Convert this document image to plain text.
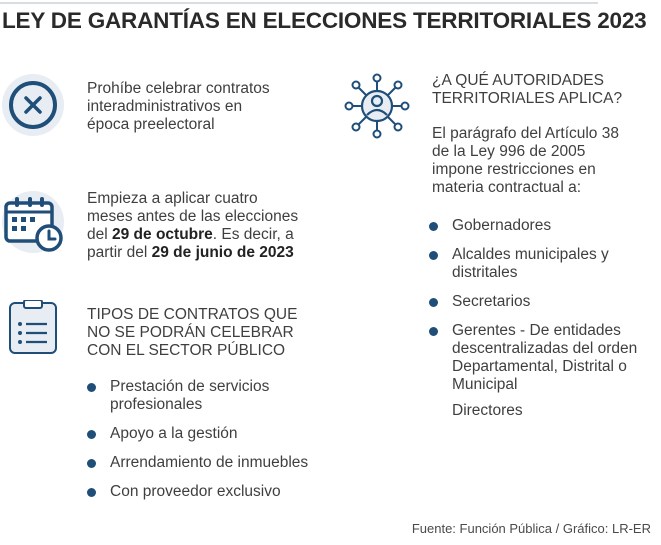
LEY DE GARANTÍAS EN ELECCIONES TERRITORIALES 2023
Prohíbe celebrar contratos
interadministrativos en
época preelectoral
Empieza a aplicar cuatro
meses antes de las elecciones
del 29 de octubre. Es decir, a
partir del 29 de junio de 2023
TIPOS DE CONTRATOS QUE
NO SE PODRÁN CELEBRAR
CON EL SECTOR PÚBLICO
Prestación de servicios
profesionales
Apoyo a la gestión
Arrendamiento de inmuebles
Con proveedor exclusivo
¿A QUÉ AUTORIDADES
TERRITORIALES APLICA?
El parágrafo del Artículo 38
de la Ley 996 de 2005
impone restricciones en
materia contractual a:
Gobernadores
Alcaldes municipales y
distritales
Secretarios
Gerentes - De entidades
descentralizadas del orden
Departamental, Distrital o
Municipal
Directores
Fuente: Función Pública / Gráfico: LR-ER
